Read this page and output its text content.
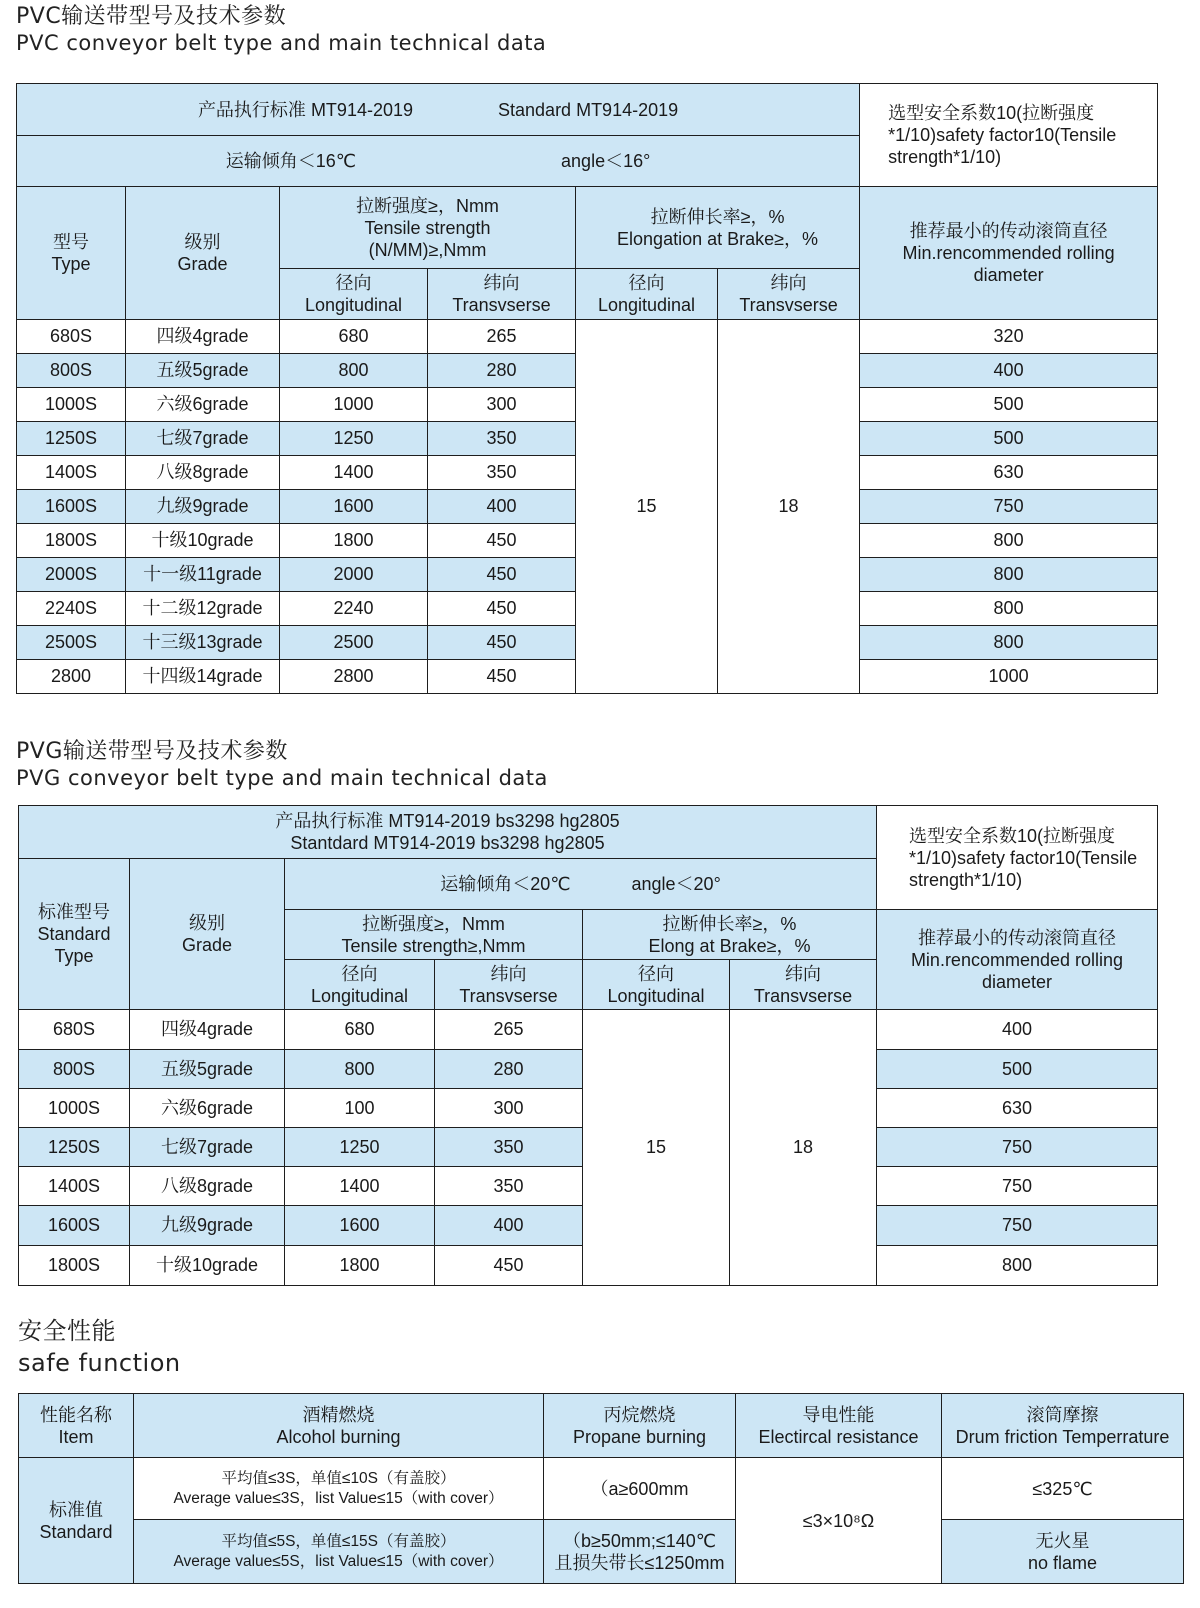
PVC输送带型号及技术参数
PVC conveyor belt type and main technical data
产品执行标准 MT914-2019 Standard MT914-2019						选型安全系数10(拉断强度*1/10)safety factor10(Tensile strength*1/10)
运输倾角＜16℃ angle＜16°						

型号
Type	级别
Grade	拉断强度≥，Nmm
Tensile strength
(N/MM)≥,Nmm		拉断伸长率≥，%
Elongation at Brake≥，%		推荐最小的传动滚筒直径
Min.rencommended rolling diameter

		径向
Longitudinal	纬向
Transvserse	径向
Longitudinal	纬向
Transvserse	

680S	四级4grade	680	265	15	18	320
800S	五级5grade	800	280			400
1000S	六级6grade	1000	300			500
1250S	七级7grade	1250	350			500
1400S	八级8grade	1400	350			630
1600S	九级9grade	1600	400			750
1800S	十级10grade	1800	450			800
2000S	十一级11grade	2000	450			800
2240S	十二级12grade	2240	450			800
2500S	十三级13grade	2500	450			800
2800	十四级14grade	2800	450			1000
PVG输送带型号及技术参数
PVG conveyor belt type and main technical data
产品执行标准 MT914-2019 bs3298 hg2805
Stantdard MT914-2019 bs3298 hg2805						选型安全系数10(拉断强度*1/10)safety factor10(Tensile strength*1/10)

标准型号
Standard
Type	级别
Grade	运输倾角＜20℃ angle＜20°				

		拉断强度≥，Nmm
Tensile strength≥,Nmm		拉断伸长率≥，%
Elong at Brake≥，%		推荐最小的传动滚筒直径
Min.rencommended rolling diameter

		径向
Longitudinal	纬向
Transvserse	径向
Longitudinal	纬向
Transvserse	

680S	四级4grade	680	265	15	18	400
800S	五级5grade	800	280			500
1000S	六级6grade	100	300			630
1250S	七级7grade	1250	350			750
1400S	八级8grade	1400	350			750
1600S	九级9grade	1600	400			750
1800S	十级10grade	1800	450			800
安全性能
safe function
性能名称
Item	酒精燃烧
Alcohol burning	丙烷燃烧
Propane burning	导电性能
Electircal resistance	滚筒摩擦
Drum friction Temperrature

标准值
Standard	平均值≤3S，单值≤10S（有盖胶）
Average value≤3S，list Value≤15（with cover）	（a≥600mm	≤3×10⁸Ω	≤325℃

	平均值≤5S，单值≤15S（有盖胶）
Average value≤5S，list Value≤15（with cover）	（b≥50mm;≤140℃
且损失带长≤1250mm		无火星
no flame
